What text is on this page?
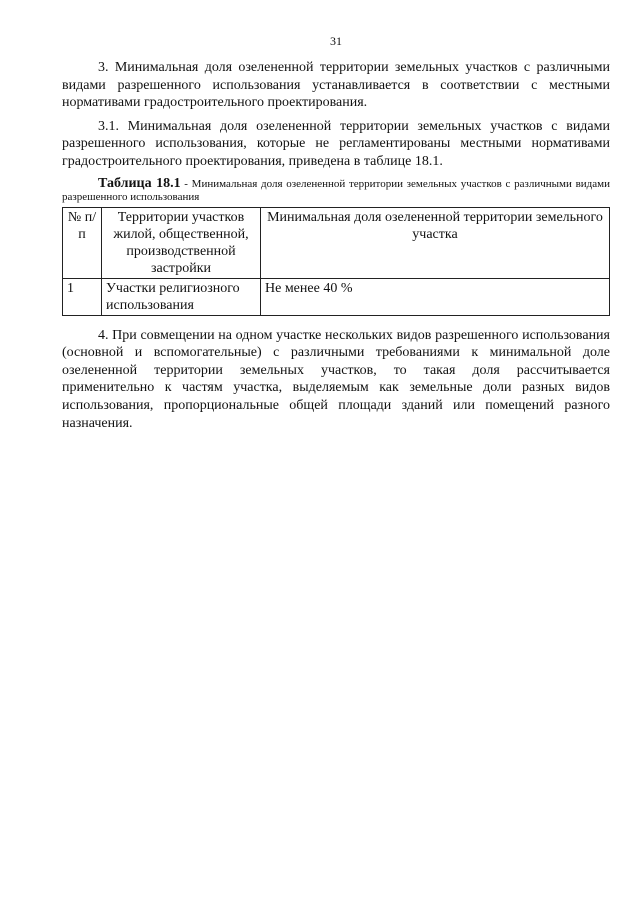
31

3. Минимальная доля озелененной территории земельных участков с различными видами разрешенного использования устанавливается в соответствии с местными нормативами градостроительного проектирования.

3.1. Минимальная доля озелененной территории земельных участков с видами разрешенного использования, которые не регламентированы местными нормативами градостроительного проектирования, приведена в таблице 18.1.

Таблица 18.1 - Минимальная доля озелененной территории земельных участков с различными видами разрешенного использования
№ п/п	Территории участков жилой, общественной, производственной застройки	Минимальная доля озелененной территории земельного участка
1	Участки религиозного использования	Не менее 40 %

4. При совмещении на одном участке нескольких видов разрешенного использования (основной и вспомогательные) с различными требованиями к минимальной доле озелененной территории земельных участков, то такая доля рассчитывается применительно к частям участка, выделяемым как земельные доли разных видов использования, пропорциональные общей площади зданий или помещений разного назначения.
